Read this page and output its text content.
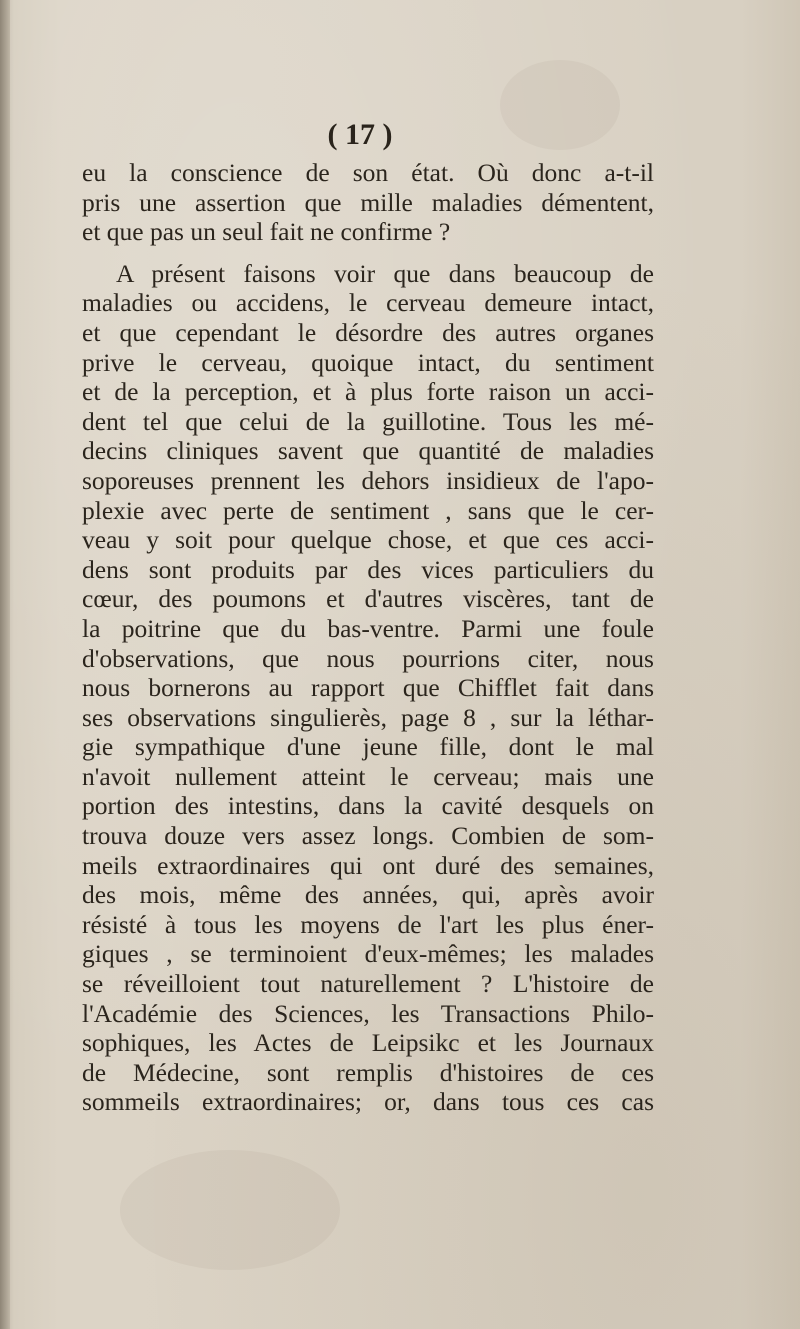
( 17 )
eu la conscience de son état. Où donc a-t-il
pris une assertion que mille maladies démentent,
et que pas un seul fait ne confirme ?
A présent faisons voir que dans beaucoup de
maladies ou accidens, le cerveau demeure intact,
et que cependant le désordre des autres organes
prive le cerveau, quoique intact, du sentiment
et de la perception, et à plus forte raison un acci-
dent tel que celui de la guillotine. Tous les mé-
decins cliniques savent que quantité de maladies
soporeuses prennent les dehors insidieux de l'apo-
plexie avec perte de sentiment , sans que le cer-
veau y soit pour quelque chose, et que ces acci-
dens sont produits par des vices particuliers du
cœur, des poumons et d'autres viscères, tant de
la poitrine que du bas-ventre. Parmi une foule
d'observations, que nous pourrions citer, nous
nous bornerons au rapport que Chifflet fait dans
ses observations singulierès, page 8 , sur la léthar-
gie sympathique d'une jeune fille, dont le mal
n'avoit nullement atteint le cerveau; mais une
portion des intestins, dans la cavité desquels on
trouva douze vers assez longs. Combien de som-
meils extraordinaires qui ont duré des semaines,
des mois, même des années, qui, après avoir
résisté à tous les moyens de l'art les plus éner-
giques , se terminoient d'eux-mêmes; les malades
se réveilloient tout naturellement ? L'histoire de
l'Académie des Sciences, les Transactions Philo-
sophiques, les Actes de Leipsikc et les Journaux
de Médecine, sont remplis d'histoires de ces
sommeils extraordinaires; or, dans tous ces cas
